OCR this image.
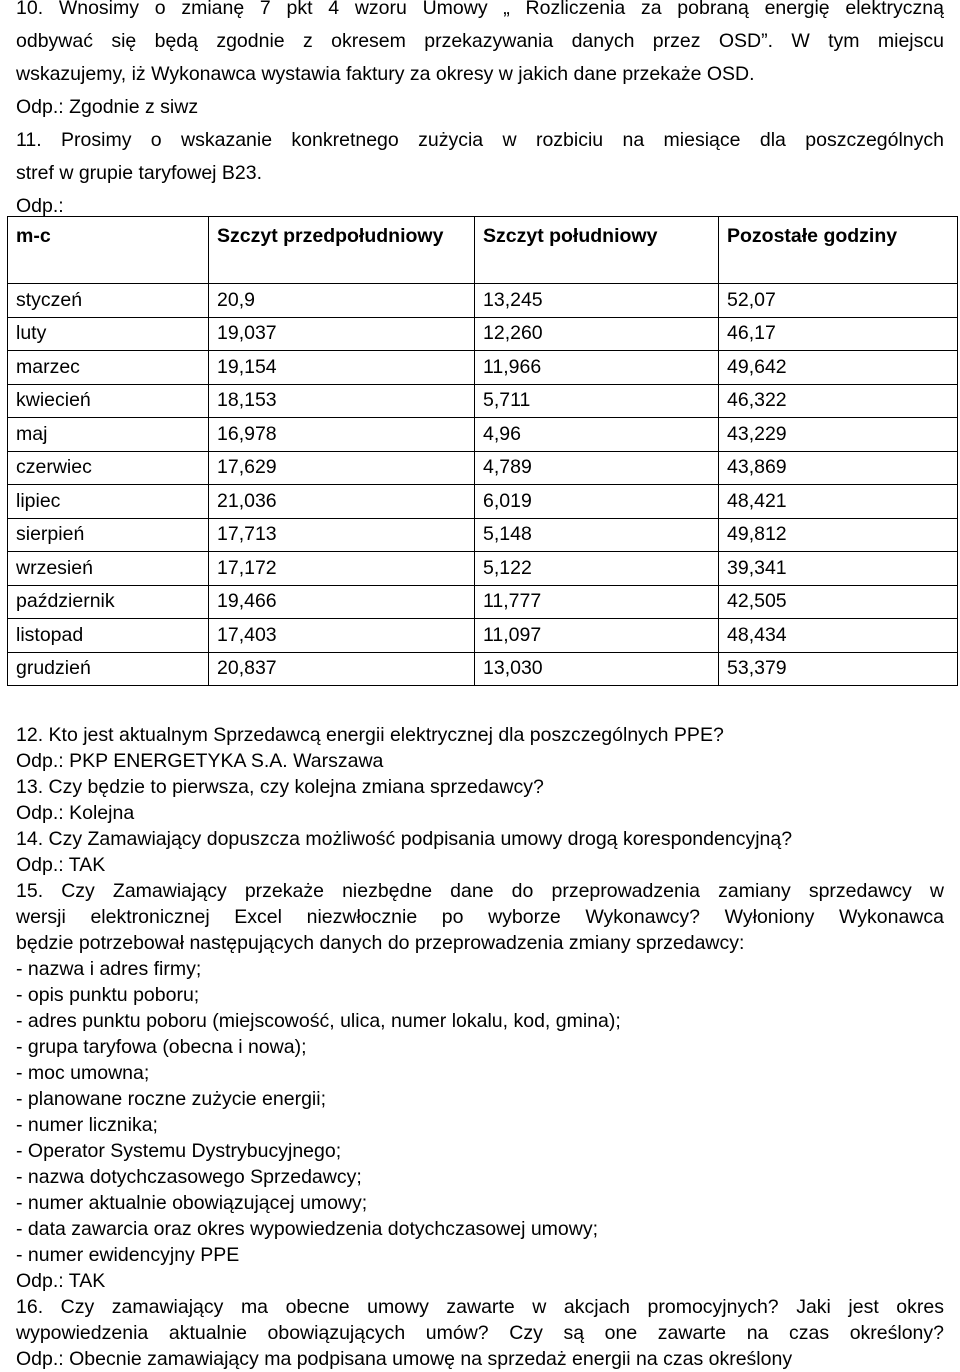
10. Wnosimy o zmianę 7 pkt 4 wzoru Umowy „ Rozliczenia za pobraną energię elektryczną
odbywać się będą zgodnie z okresem przekazywania danych przez OSD”. W tym miejscu
wskazujemy, iż Wykonawca wystawia faktury za okresy w jakich dane przekaże OSD.
Odp.: Zgodnie z siwz
11. Prosimy o wskazanie konkretnego zużycia w rozbiciu na miesiące dla poszczególnych
stref w grupie taryfowej B23.
Odp.:
m-c	Szczyt przedpołudniowy	Szczyt południowy	Pozostałe godziny
styczeń	20,9	13,245	52,07
luty	19,037	12,260	46,17
marzec	19,154	11,966	49,642
kwiecień	18,153	5,711	46,322
maj	16,978	4,96	43,229
czerwiec	17,629	4,789	43,869
lipiec	21,036	6,019	48,421
sierpień	17,713	5,148	49,812
wrzesień	17,172	5,122	39,341
październik	19,466	11,777	42,505
listopad	17,403	11,097	48,434
grudzień	20,837	13,030	53,379
12. Kto jest aktualnym Sprzedawcą energii elektrycznej dla poszczególnych PPE?
Odp.: PKP ENERGETYKA S.A. Warszawa
13. Czy będzie to pierwsza, czy kolejna zmiana sprzedawcy?
Odp.: Kolejna
14. Czy Zamawiający dopuszcza możliwość podpisania umowy drogą korespondencyjną?
Odp.: TAK
15. Czy Zamawiający przekaże niezbędne dane do przeprowadzenia zamiany sprzedawcy w
wersji elektronicznej Excel niezwłocznie po wyborze Wykonawcy? Wyłoniony Wykonawca
będzie potrzebował następujących danych do przeprowadzenia zmiany sprzedawcy:
- nazwa i adres firmy;
- opis punktu poboru;
- adres punktu poboru (miejscowość, ulica, numer lokalu, kod, gmina);
- grupa taryfowa (obecna i nowa);
- moc umowna;
- planowane roczne zużycie energii;
- numer licznika;
- Operator Systemu Dystrybucyjnego;
- nazwa dotychczasowego Sprzedawcy;
- numer aktualnie obowiązującej umowy;
- data zawarcia oraz okres wypowiedzenia dotychczasowej umowy;
- numer ewidencyjny PPE
Odp.: TAK
16. Czy zamawiający ma obecne umowy zawarte w akcjach promocyjnych? Jaki jest okres
wypowiedzenia aktualnie obowiązujących umów? Czy są one zawarte na czas określony?
Odp.: Obecnie zamawiający ma podpisana umowę na sprzedaż energii na czas określony
